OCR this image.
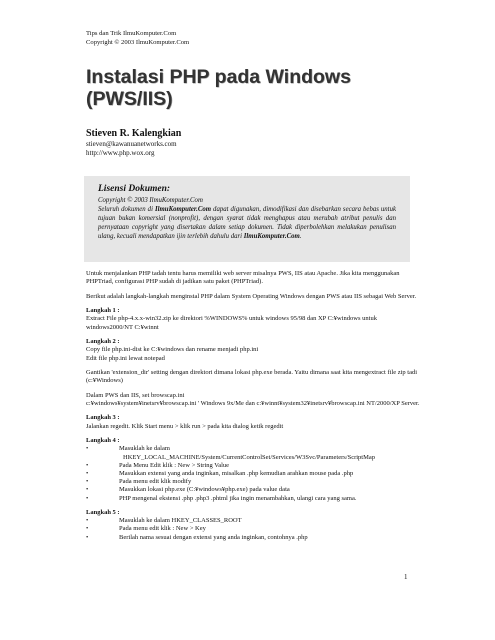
Tips dan Trik IlmuKomputer.Com
Copyright © 2003 IlmuKomputer.Com
Instalasi PHP pada Windows
(PWS/IIS)
Stieven R. Kalengkian
stieven@kawanuanetworks.com
http://www.php.wox.org
Lisensi Dokumen:
Copyright © 2003 IlmuKomputer.Com
Seluruh dokumen di IlmuKomputer.Com dapat digunakan, dimodifikasi dan disebarkan secara bebas untuk tujuan bukan komersial (nonprofit), dengan syarat tidak menghapus atau merubah atribut penulis dan pernyataan copyright yang disertakan dalam setiap dokumen. Tidak diperbolehkan melakukan penulisan ulang, kecuali mendapatkan ijin terlebih dahulu dari IlmuKomputer.Com.

Untuk menjalankan PHP tadah tentu harus memiliki web server misalnya PWS, IIS atau Apache. Jika kita menggunakan PHPTriad, configurasi PHP sudah di jadikan satu paket (PHPTriad).

Berikut adalah langkah-langkah menginstal PHP dalam System Operating Windows dengan PWS atau IIS sebagai Web Server.

Langkah 1 :
Extract File php-4.x.x-win32.zip ke direktori %WINDOWS% untuk windows 95/98 dan XP C:¥windows untuk windows2000/NT C:¥winnt

Langkah 2 :
Copy file php.ini-dist ke C:¥windows dan rename menjadi php.ini
Edit file php.ini lewat notepad

Gantikan 'extension_dir' setting dengan direktori dimana lokasi php.exe berada. Yaitu dimana saat kita mengextract file zip tadi (c:¥Windows)

Dalam PWS dan IIS, set browscap.ini
c:¥windows¥system¥inetsrv¥browscap.ini ' Windows 9x/Me dan c:¥winnt¥system32¥inetsrv¥browscap.ini NT/2000/XP Server.

Langkah 3 :
Jalankan regedit. Klik Start menu > klik run > pada kita dialog ketik regedit

Langkah 4 :
•	Masuklah ke dalam
HKEY_LOCAL_MACHINE/System/CurrentControlSet/Services/W3Svc/Parameters/ScriptMap
•	Pada Menu Edit klik : New > String Value
•	Masukkan extensi yang anda inginkan, misalkan .php kemudian arahkan mouse pada .php
•	Pada menu edit klik modify
•	Masukkan lokasi php.exe (C:¥windows¥php.exe) pada value data
•	PHP mengenal ekstensi .php .php3 .phtml jika ingin menambahkan, ulangi cara yang sama.
Langkah 5 :
•	Masuklah ke dalam HKEY_CLASSES_ROOT
•	Pada menu edit klik : New > Key
•	Berilah nama sesuai dengan extensi yang anda inginkan, contohnya .php
1
